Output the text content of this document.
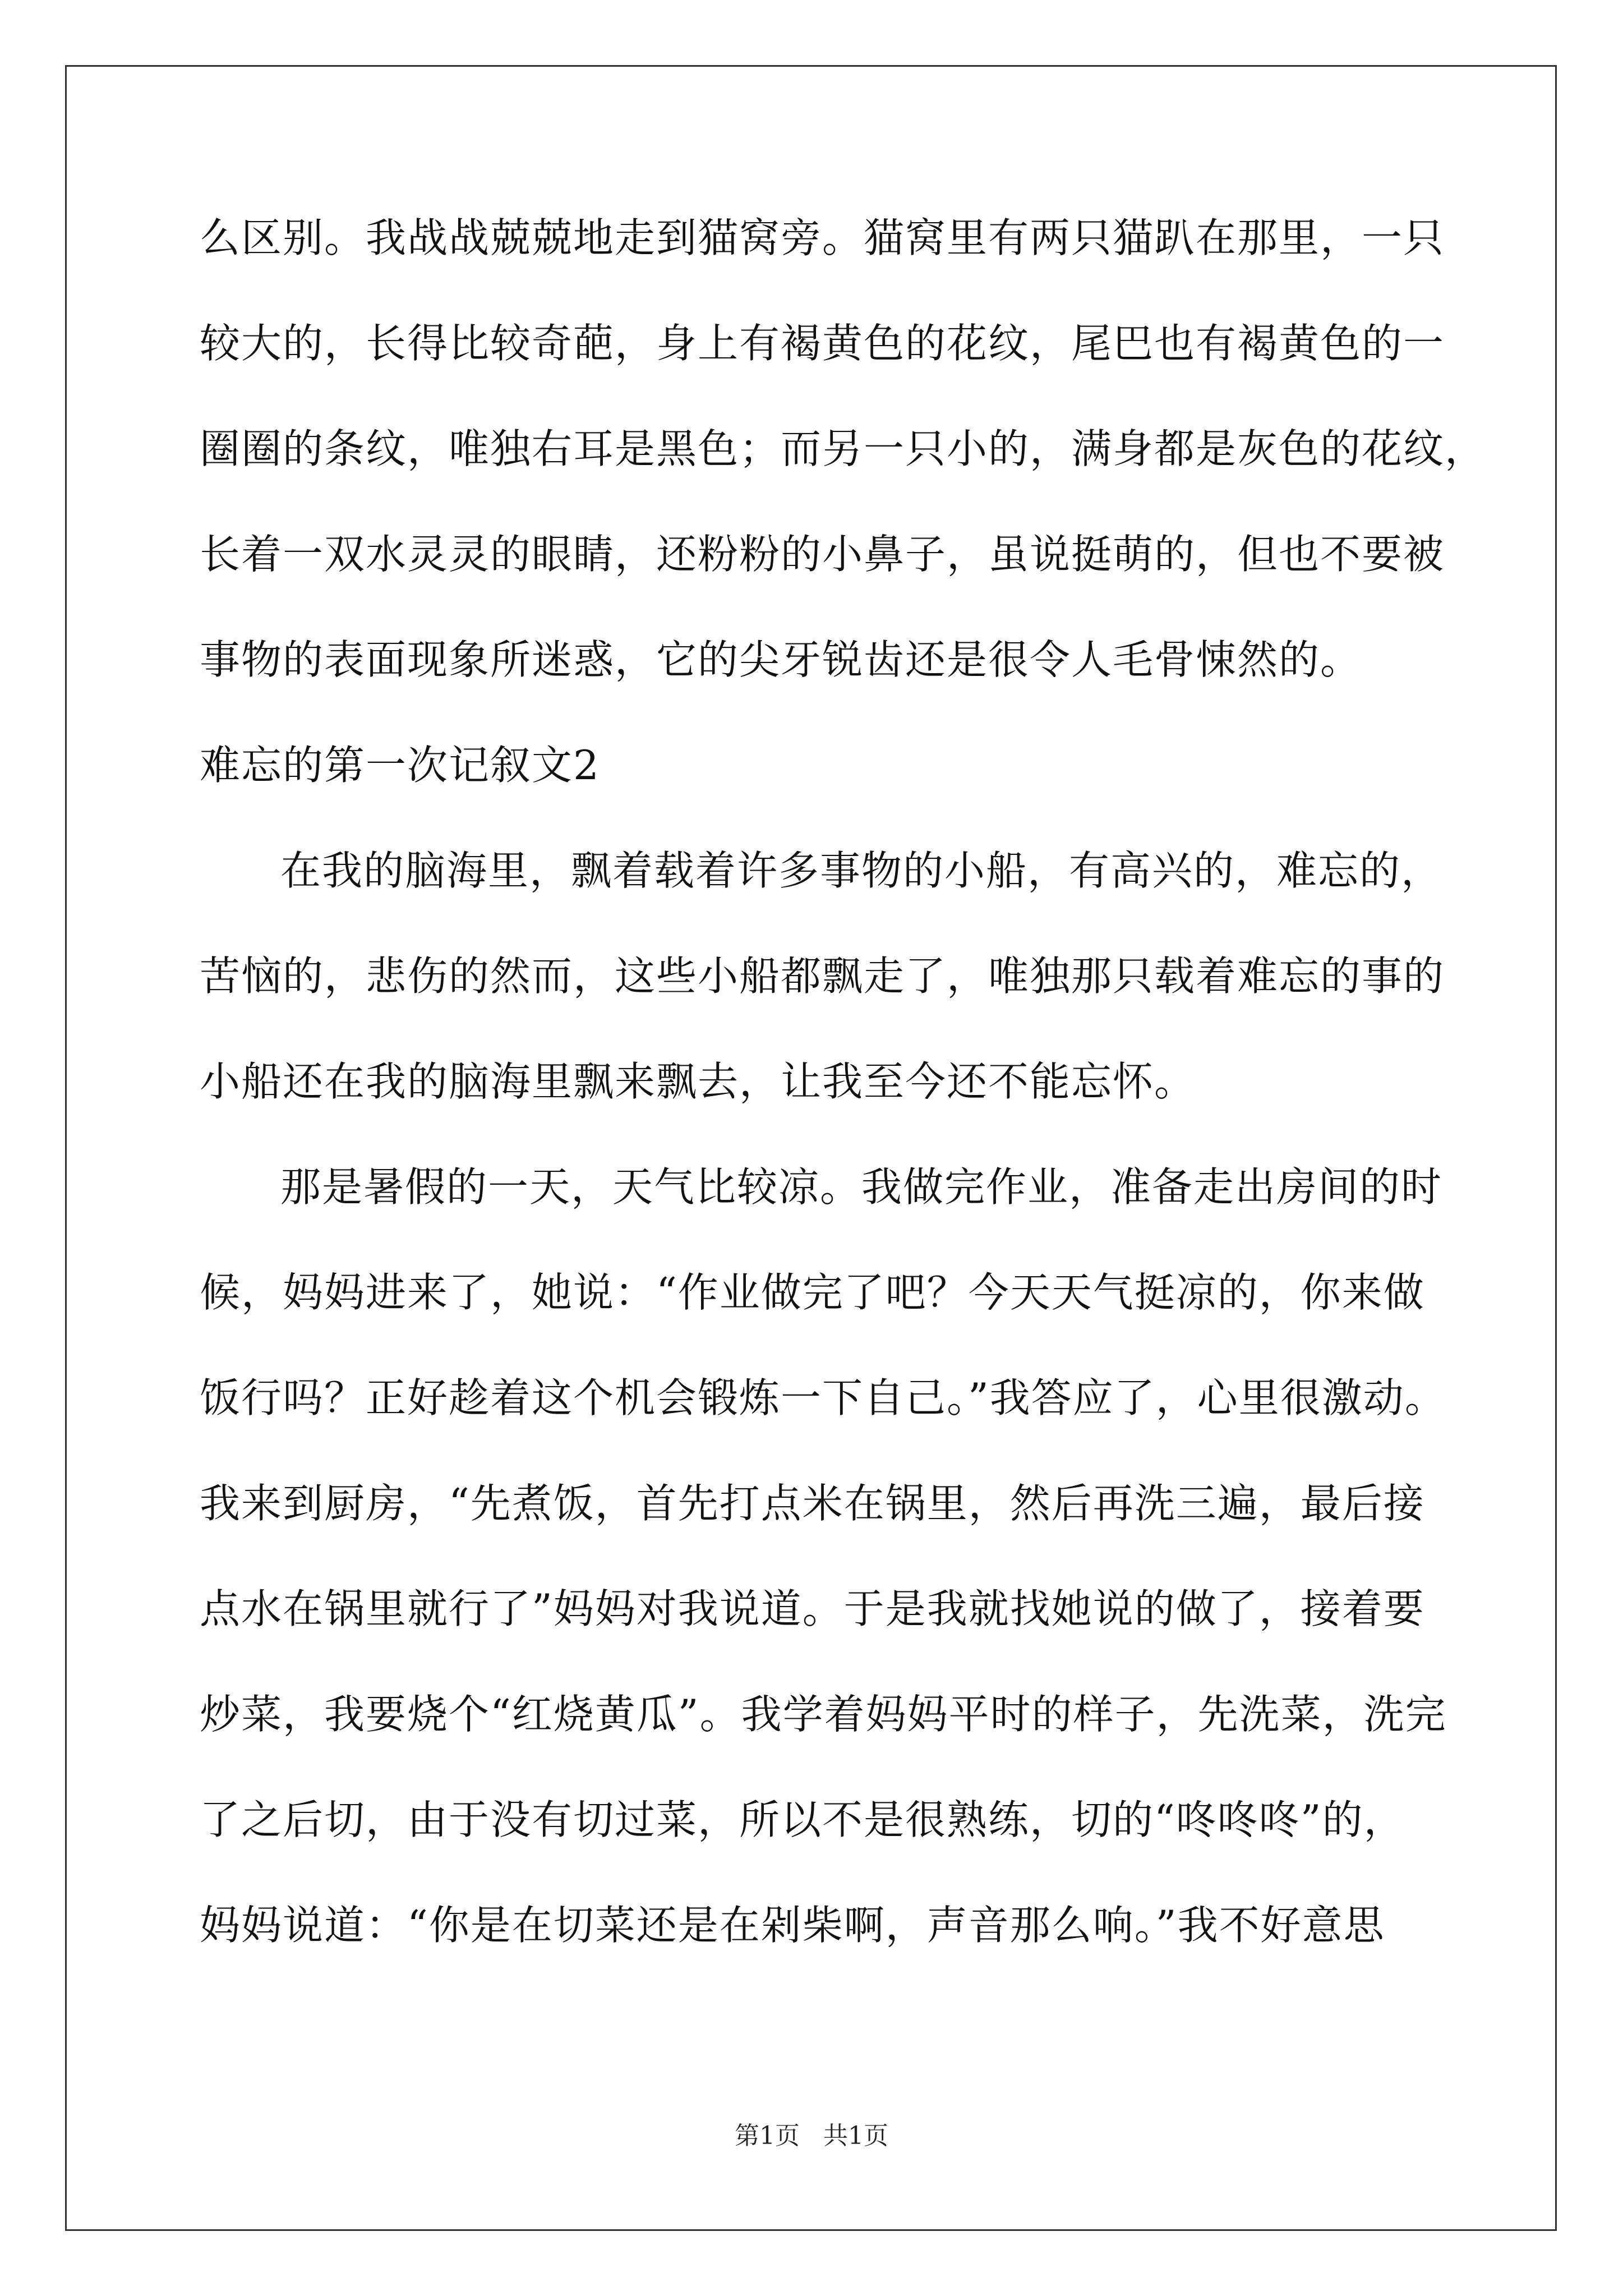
么区别。我战战兢兢地走到猫窝旁。猫窝里有两只猫趴在那里，一只
较大的，长得比较奇葩，身上有褐黄色的花纹，尾巴也有褐黄色的一
圈圈的条纹，唯独右耳是黑色；而另一只小的，满身都是灰色的花纹，
长着一双水灵灵的眼睛，还粉粉的小鼻子，虽说挺萌的，但也不要被
事物的表面现象所迷惑，它的尖牙锐齿还是很令人毛骨悚然的。
难忘的第一次记叙文2
在我的脑海里，飘着载着许多事物的小船，有高兴的，难忘的，
苦恼的，悲伤的然而，这些小船都飘走了，唯独那只载着难忘的事的
小船还在我的脑海里飘来飘去，让我至今还不能忘怀。
那是暑假的一天，天气比较凉。我做完作业，准备走出房间的时
候，妈妈进来了，她说：“作业做完了吧？今天天气挺凉的，你来做
饭行吗？正好趁着这个机会锻炼一下自己。”我答应了，心里很激动。
我来到厨房，“先煮饭，首先打点米在锅里，然后再洗三遍，最后接
点水在锅里就行了”妈妈对我说道。于是我就找她说的做了，接着要
炒菜，我要烧个“红烧黄瓜”。我学着妈妈平时的样子，先洗菜，洗完
了之后切，由于没有切过菜，所以不是很熟练，切的“咚咚咚”的，
妈妈说道：“你是在切菜还是在剁柴啊，声音那么响。”我不好意思
第1页 共1页
